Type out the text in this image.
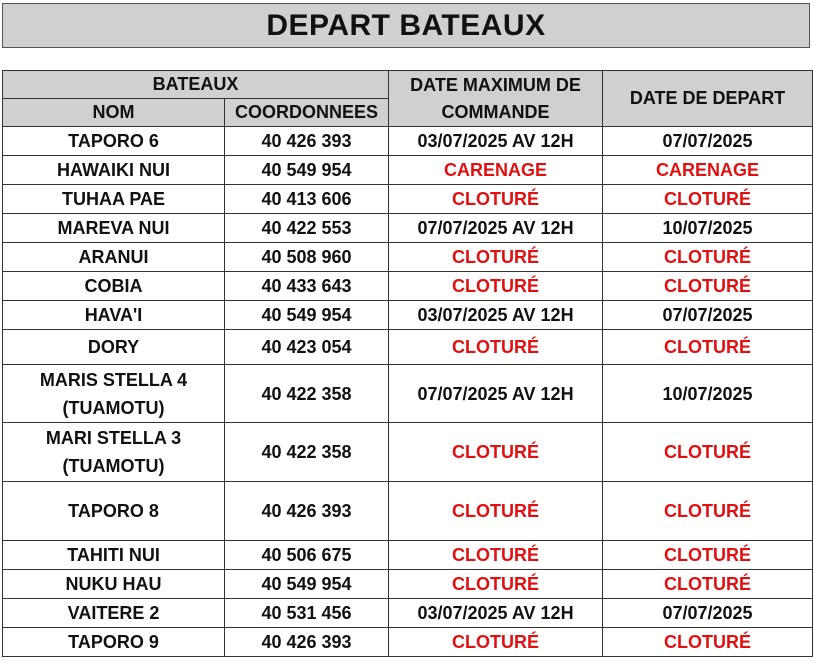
DEPART BATEAUX
BATEAUX		DATE MAXIMUM DE COMMANDE	DATE DE DEPART
NOM	COORDONNEES		
TAPORO 6	40 426 393	03/07/2025 AV 12H	07/07/2025
HAWAIKI NUI	40 549 954	CARENAGE	CARENAGE
TUHAA PAE	40 413 606	CLOTURÉ	CLOTURÉ
MAREVA NUI	40 422 553	07/07/2025 AV 12H	10/07/2025
ARANUI	40 508 960	CLOTURÉ	CLOTURÉ
COBIA	40 433 643	CLOTURÉ	CLOTURÉ
HAVA'I	40 549 954	03/07/2025 AV 12H	07/07/2025
DORY	40 423 054	CLOTURÉ	CLOTURÉ
MARIS STELLA 4
(TUAMOTU)	40 422 358	07/07/2025 AV 12H	10/07/2025
MARI STELLA 3
(TUAMOTU)	40 422 358	CLOTURÉ	CLOTURÉ
TAPORO 8	40 426 393	CLOTURÉ	CLOTURÉ
TAHITI NUI	40 506 675	CLOTURÉ	CLOTURÉ
NUKU HAU	40 549 954	CLOTURÉ	CLOTURÉ
VAITERE 2	40 531 456	03/07/2025 AV 12H	07/07/2025
TAPORO 9	40 426 393	CLOTURÉ	CLOTURÉ
